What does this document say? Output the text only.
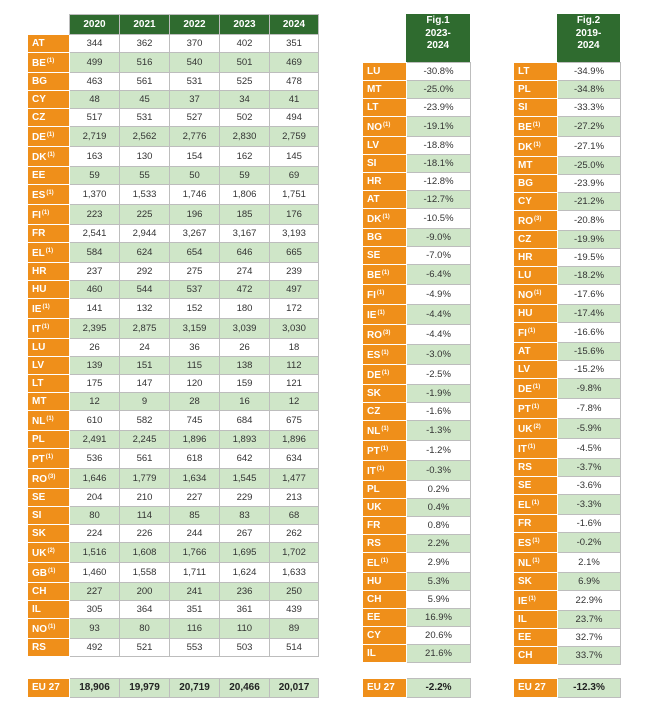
	2020	2021	2022	2023	2024
AT	344	362	370	402	351
BE$^{(1)}$	499	516	540	501	469
BG	463	561	531	525	478
CY	48	45	37	34	41
CZ	517	531	527	502	494
DE$^{(1)}$	2,719	2,562	2,776	2,830	2,759
DK$^{(1)}$	163	130	154	162	145
EE	59	55	50	59	69
ES$^{(1)}$	1,370	1,533	1,746	1,806	1,751
FI$^{(1)}$	223	225	196	185	176
FR	2,541	2,944	3,267	3,167	3,193
EL$^{(1)}$	584	624	654	646	665
HR	237	292	275	274	239
HU	460	544	537	472	497
IE$^{(1)}$	141	132	152	180	172
IT$^{(1)}$	2,395	2,875	3,159	3,039	3,030
LU	26	24	36	26	18
LV	139	151	115	138	112
LT	175	147	120	159	121
MT	12	9	28	16	12
NL$^{(1)}$	610	582	745	684	675
PL	2,491	2,245	1,896	1,893	1,896
PT$^{(1)}$	536	561	618	642	634
RO$^{(3)}$	1,646	1,779	1,634	1,545	1,477
SE	204	210	227	229	213
SI	80	114	85	83	68
SK	224	226	244	267	262
UK$^{(2)}$	1,516	1,608	1,766	1,695	1,702
GB$^{(1)}$	1,460	1,558	1,711	1,624	1,633
CH	227	200	241	236	250
IL	305	364	351	361	439
NO$^{(1)}$	93	80	116	110	89
RS	492	521	553	503	514
EU 27	18,906	19,979	20,719	20,466	20,017
Fig.1
2023-
2024
LU	-30.8%
MT	-25.0%
LT	-23.9%
NO$^{(1)}$	-19.1%
LV	-18.8%
SI	-18.1%
HR	-12.8%
AT	-12.7%
DK$^{(1)}$	-10.5%
BG	-9.0%
SE	-7.0%
BE$^{(1)}$	-6.4%
FI$^{(1)}$	-4.9%
IE$^{(1)}$	-4.4%
RO$^{(3)}$	-4.4%
ES$^{(1)}$	-3.0%
DE$^{(1)}$	-2.5%
SK	-1.9%
CZ	-1.6%
NL$^{(1)}$	-1.3%
PT$^{(1)}$	-1.2%
IT$^{(1)}$	-0.3%
PL	0.2%
UK	0.4%
FR	0.8%
RS	2.2%
EL$^{(1)}$	2.9%
HU	5.3%
CH	5.9%
EE	16.9%
CY	20.6%
IL	21.6%
EU 27	-2.2%
Fig.2
2019-
2024
LT	-34.9%
PL	-34.8%
SI	-33.3%
BE$^{(1)}$	-27.2%
DK$^{(1)}$	-27.1%
MT	-25.0%
BG	-23.9%
CY	-21.2%
RO$^{(3)}$	-20.8%
CZ	-19.9%
HR	-19.5%
LU	-18.2%
NO$^{(1)}$	-17.6%
HU	-17.4%
FI$^{(1)}$	-16.6%
AT	-15.6%
LV	-15.2%
DE$^{(1)}$	-9.8%
PT$^{(1)}$	-7.8%
UK$^{(2)}$	-5.9%
IT$^{(1)}$	-4.5%
RS	-3.7%
SE	-3.6%
EL$^{(1)}$	-3.3%
FR	-1.6%
ES$^{(1)}$	-0.2%
NL$^{(1)}$	2.1%
SK	6.9%
IE$^{(1)}$	22.9%
IL	23.7%
EE	32.7%
CH	33.7%
EU 27	-12.3%
